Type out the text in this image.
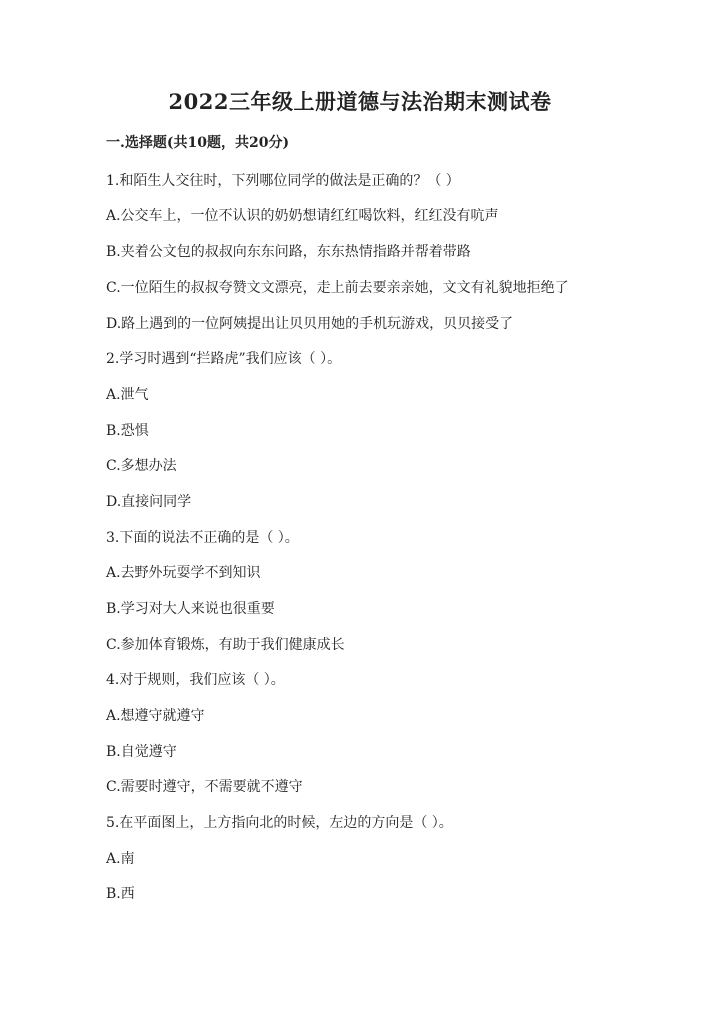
2022三年级上册道德与法治期末测试卷
一.选择题(共10题，共20分)
1.和陌生人交往时，下列哪位同学的做法是正确的？（ ）
A.公交车上，一位不认识的奶奶想请红红喝饮料，红红没有吭声
B.夹着公文包的叔叔向东东问路，东东热情指路并帮着带路
C.一位陌生的叔叔夸赞文文漂亮，走上前去要亲亲她，文文有礼貌地拒绝了
D.路上遇到的一位阿姨提出让贝贝用她的手机玩游戏，贝贝接受了
2.学习时遇到“拦路虎”我们应该（ ）。
A.泄气
B.恐惧
C.多想办法
D.直接问同学
3.下面的说法不正确的是（ ）。
A.去野外玩耍学不到知识
B.学习对大人来说也很重要
C.参加体育锻炼，有助于我们健康成长
4.对于规则，我们应该（ ）。
A.想遵守就遵守
B.自觉遵守
C.需要时遵守，不需要就不遵守
5.在平面图上，上方指向北的时候，左边的方向是（ ）。
A.南
B.西
